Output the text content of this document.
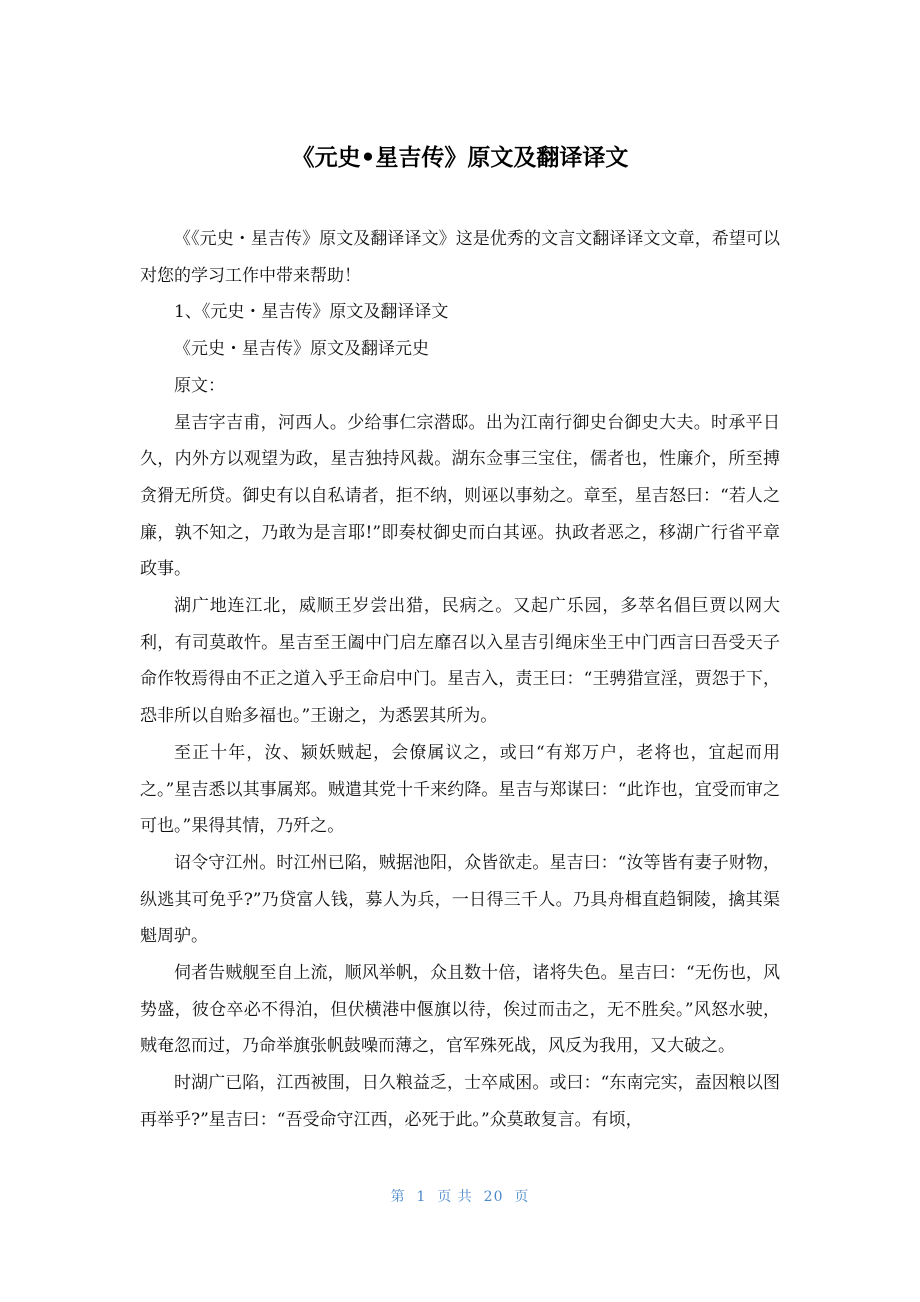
《元史•星吉传》原文及翻译译文

《《元史・星吉传》原文及翻译译文》这是优秀的文言文翻译译文文章，希望可以对您的学习工作中带来帮助！

1、《元史・星吉传》原文及翻译译文

《元史・星吉传》原文及翻译元史

原文：

星吉字吉甫，河西人。少给事仁宗潜邸。出为江南行御史台御史大夫。时承平日久，内外方以观望为政，星吉独持风裁。湖东佥事三宝住，儒者也，性廉介，所至搏贪猾无所贷。御史有以自私请者，拒不纳，则诬以事劾之。章至，星吉怒曰：“若人之廉，孰不知之，乃敢为是言耶!”即奏杖御史而白其诬。执政者恶之，移湖广行省平章政事。

湖广地连江北，威顺王岁尝出猎，民病之。又起广乐园，多萃名倡巨贾以网大利，有司莫敢忤。星吉至王阖中门启左靡召以入星吉引绳床坐王中门西言曰吾受天子命作牧焉得由不正之道入乎王命启中门。星吉入，责王曰：“王骋猎宣淫，贾怨于下，恐非所以自贻多福也。”王谢之，为悉罢其所为。

至正十年，汝、颍妖贼起，会僚属议之，或曰“有郑万户，老将也，宜起而用之。”星吉悉以其事属郑。贼遣其党十千来约降。星吉与郑谋曰：“此诈也，宜受而审之可也。”果得其情，乃歼之。

诏令守江州。时江州已陷，贼据池阳，众皆欲走。星吉曰：“汝等皆有妻子财物，纵逃其可免乎?”乃贷富人钱，募人为兵，一日得三千人。乃具舟楫直趋铜陵，擒其渠魁周驴。

伺者告贼舰至自上流，顺风举帆，众且数十倍，诸将失色。星吉曰：“无伤也，风势盛，彼仓卒必不得泊，但伏横港中偃旗以待，俟过而击之，无不胜矣。”风怒水驶，贼奄忽而过，乃命举旗张帆鼓噪而薄之，官军殊死战，风反为我用，又大破之。

时湖广已陷，江西被围，日久粮益乏，士卒咸困。或曰：“东南完实，盍因粮以图再举乎?”星吉曰：“吾受命守江西，必死于此。”众莫敢复言。有顷，

第  1  页 共  20  页
